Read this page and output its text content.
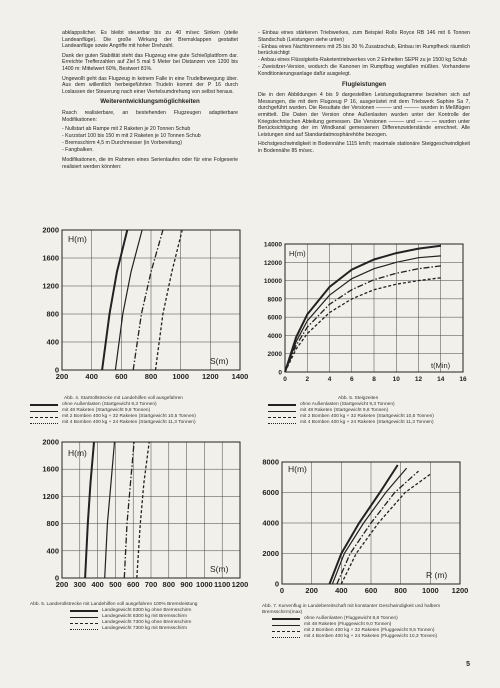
abklappslicher. Es bleibt steuerbar bis zu 40 m/sec Sinken (steile Landeanflüge). Die große Wirkung der Bremsklappen gestattet Landeanflüge sowie Angriffe mit hoher Drehzahl.

Dank der guten Stabilität steht das Flugzeug eine gute Schießplattform dar. Erreichte Trefferzahlen auf Ziel 5 mal 5 Meter bei Distanzen von 1200 bis 1400 m: Mittelwert 60%, Bestwert 81%.

Ungewollt geht das Flugzeug in keinem Falle in eine Trudelbewegung über. Aus dem willentlich herbeigeführten Trudeln kommt der P 16 durch Loslassen der Steuerung nach einer Viertelsumdrehung von selbst heraus.

Weiterentwicklungsmöglichkeiten

Rasch realisierbare, an bestehenden Flugzeugen adaptierbare Modifikationen:

- Nullstart ab Rampe mit 2 Raketen je 20 Tonnen Schub
- Kurzstart 100 bis 150 m mit 2 Raketen je 10 Tonnen Schub
- Bremsschirm 4,5 m Durchmesser (in Vorbereitung)
- Fangbalken.

Modifikationen, die im Rahmen eines Serienlaufes oder für eine Folgeserie realisiert werden könnten:

- Einbau eines stärkeren Triebwerkes, zum Beispiel Rolls Royce RB 146 mit 6 Tonnen Standschub (Leistungen siehe unten)
- Einbau eines Nachbrenners mit 25 bis 30 % Zusatzschub, Einbau im Rumpfheck räumlich berücksichtigt
- Anbau eines Flüssigkeits-Raketentriebwerkes von 2 Einheiten SEPR zu je 1500 kg Schub
- Zweisitzer-Version, wodurch die Kanonen im Rumpfbug wegfallen müßten. Vorhandene Konditionierungsanlage dafür ausgelegt.
Flugleistungen

Die in den Abbildungen 4 bis 9 dargestellten Leistungsdiagramme beziehen sich auf Messungen, die mit dem Flugzeug P 16, ausgerüstet mit dem Triebwerk Saphire Sa 7, durchgeführt wurden. Die Resultate der Versionen ——— und ——— wurden in Meßflügen ermittelt. Die Daten der Version ohne Außenlasten wurden unter der Kontrolle der Kriegstechnischen Abteilung gemessen. Die Versionen ——— und — — — wurden unter Berücksichtigung der im Windkanal gemessenen Differenzwiderstände errechnet. Alle Leistungen sind auf Standardatmosphärehöhe bezogen.

Höchstgeschwindigkeit in Bodennähe 1115 km/h; maximale stationäre Steiggeschwindigkeit in Bodennähe 85 m/sec.

200 400 600 800 1000 1200 1400
0
400
800
1200
1600
2000
H(m)
S(m)
0	2	4	6	8	10 12 14 16
0
2000
4000
6000
8000
10000
12000
14000
H(m)
t(Min)
200 300 400 500 600 700 800 900 1000 1100 1200
0
400
800
1200
1600
2000
H(m)
S(m)
0	200 400 600 800 1000 1200
0
2000
4000
6000
8000
H(m)
R (m)
Abb. 4. Startrollstrecke mit Landehilfen voll ausgefahren
ohne Außenlasten (Startgewicht 9,3 Tonnen)
mit 48 Raketen (Startgewicht 9,8 Tonnen)
mit 2 Bomben 400 kg + 32 Raketen (Startgewicht 10,5 Tonnen)
mit 4 Bomben 400 kg + 24 Raketen (Startgewicht 11,3 Tonnen)
Abb. 5. Steigzeiten
ohne Außenlasten (Startgewicht 9,3 Tonnen)
mit 48 Raketen (Startgewicht 9,8 Tonnen)
mit 2 Bomben 400 kg + 32 Raketen (Startgewicht 10,5 Tonnen)
mit 4 Bomben 400 kg + 24 Raketen (Startgewicht 11,3 Tonnen)
Abb. 5. Landerollstrecke mit Landehilfen voll ausgefahren 100% Bremsleistung
Landegewicht 8300 kg ohne Bremsschirm
Landegewicht 8300 kg mit Bremsschirm
Landegewicht 7300 kg ohne Bremsschirm
Landegewicht 7300 kg mit Bremsschirm
Abb. 7. Kurvenflug in Landebereitschaft mit konstanter Geschwindigkeit und halbem Bremsschirm(max)
ohne Außenlasten (Fluggewicht 8,8 Tonnen)
mit 48 Raketen (Fluggewicht 9,0 Tonnen)
mit 2 Bomben 400 kg + 32 Raketen (Fluggewicht 9,5 Tonnen)
mit 4 Bomben 400 kg + 24 Raketen (Fluggewicht 10,3 Tonnen)
5
